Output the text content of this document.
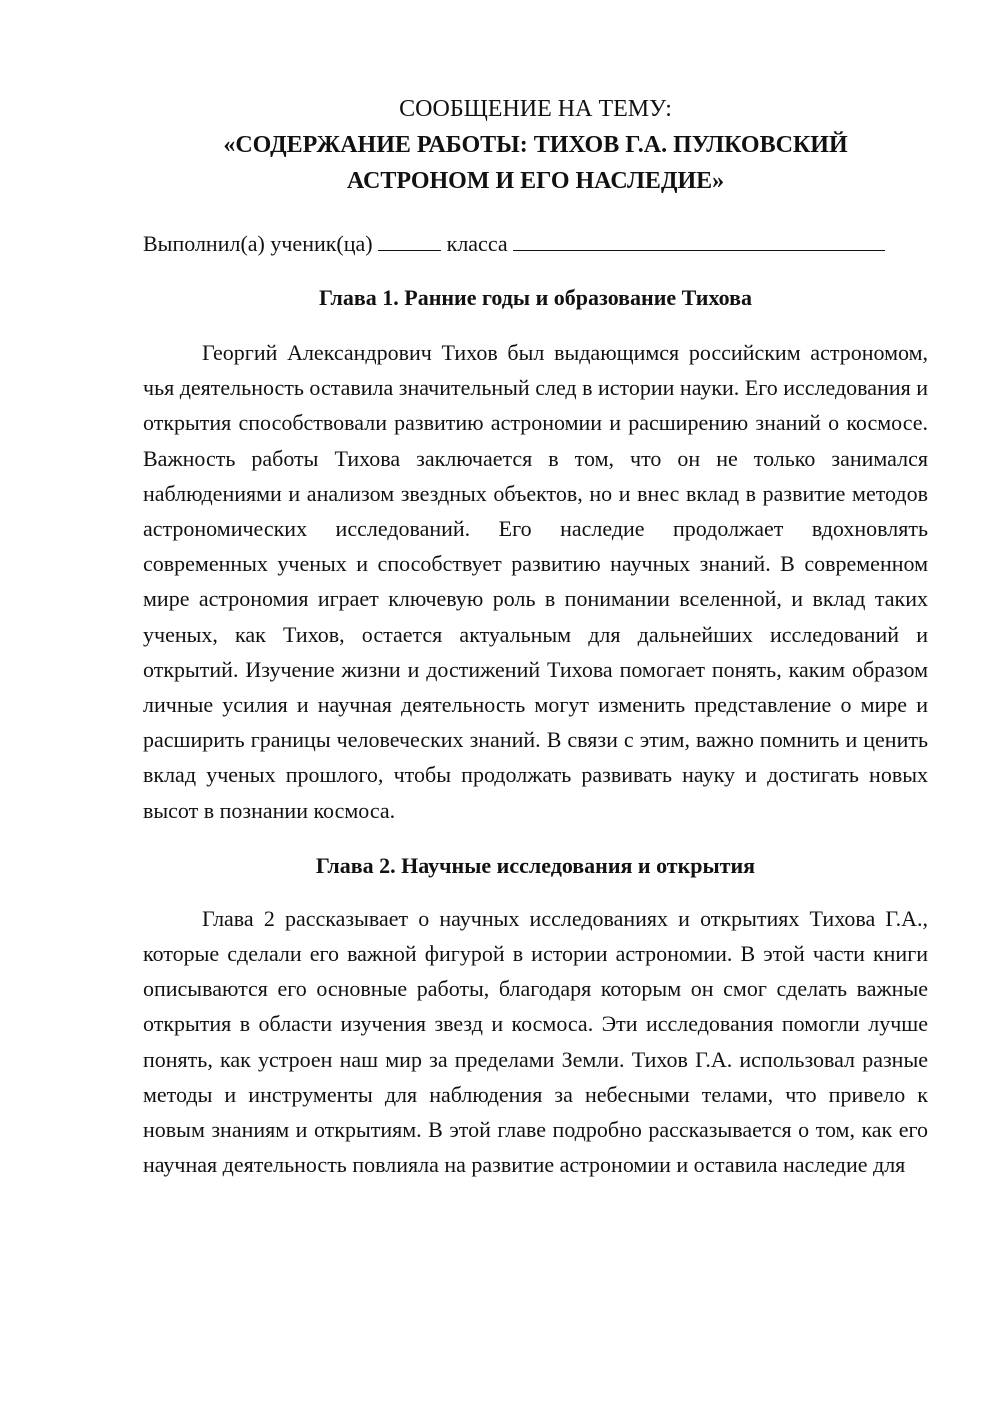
СООБЩЕНИЕ НА ТЕМУ:

«СОДЕРЖАНИЕ РАБОТЫ: ТИХОВ Г.А. ПУЛКОВСКИЙ

АСТРОНОМ И ЕГО НАСЛЕДИЕ»

Выполнил(а) ученик(ца)	класса
Глава 1. Ранние годы и образование Тихова

Георгий Александрович Тихов был выдающимся российским астрономом, чья деятельность оставила значительный след в истории науки. Его исследования и открытия способствовали развитию астрономии и расширению знаний о космосе. Важность работы Тихова заключается в том, что он не только занимался наблюдениями и анализом звездных объектов, но и внес вклад в развитие методов астрономических исследований. Его наследие продолжает вдохновлять современных ученых и способствует развитию научных знаний. В современном мире астрономия играет ключевую роль в понимании вселенной, и вклад таких ученых, как Тихов, остается актуальным для дальнейших исследований и открытий. Изучение жизни и достижений Тихова помогает понять, каким образом личные усилия и научная деятельность могут изменить представление о мире и расширить границы человеческих знаний. В связи с этим, важно помнить и ценить вклад ученых прошлого, чтобы продолжать развивать науку и достигать новых высот в познании космоса.

Глава 2. Научные исследования и открытия

Глава 2 рассказывает о научных исследованиях и открытиях Тихова Г.А., которые сделали его важной фигурой в истории астрономии. В этой части книги описываются его основные работы, благодаря которым он смог сделать важные открытия в области изучения звезд и космоса. Эти исследования помогли лучше понять, как устроен наш мир за пределами Земли. Тихов Г.А. использовал разные методы и инструменты для наблюдения за небесными телами, что привело к новым знаниям и открытиям. В этой главе подробно рассказывается о том, как его научная деятельность повлияла на развитие астрономии и оставила наследие для
